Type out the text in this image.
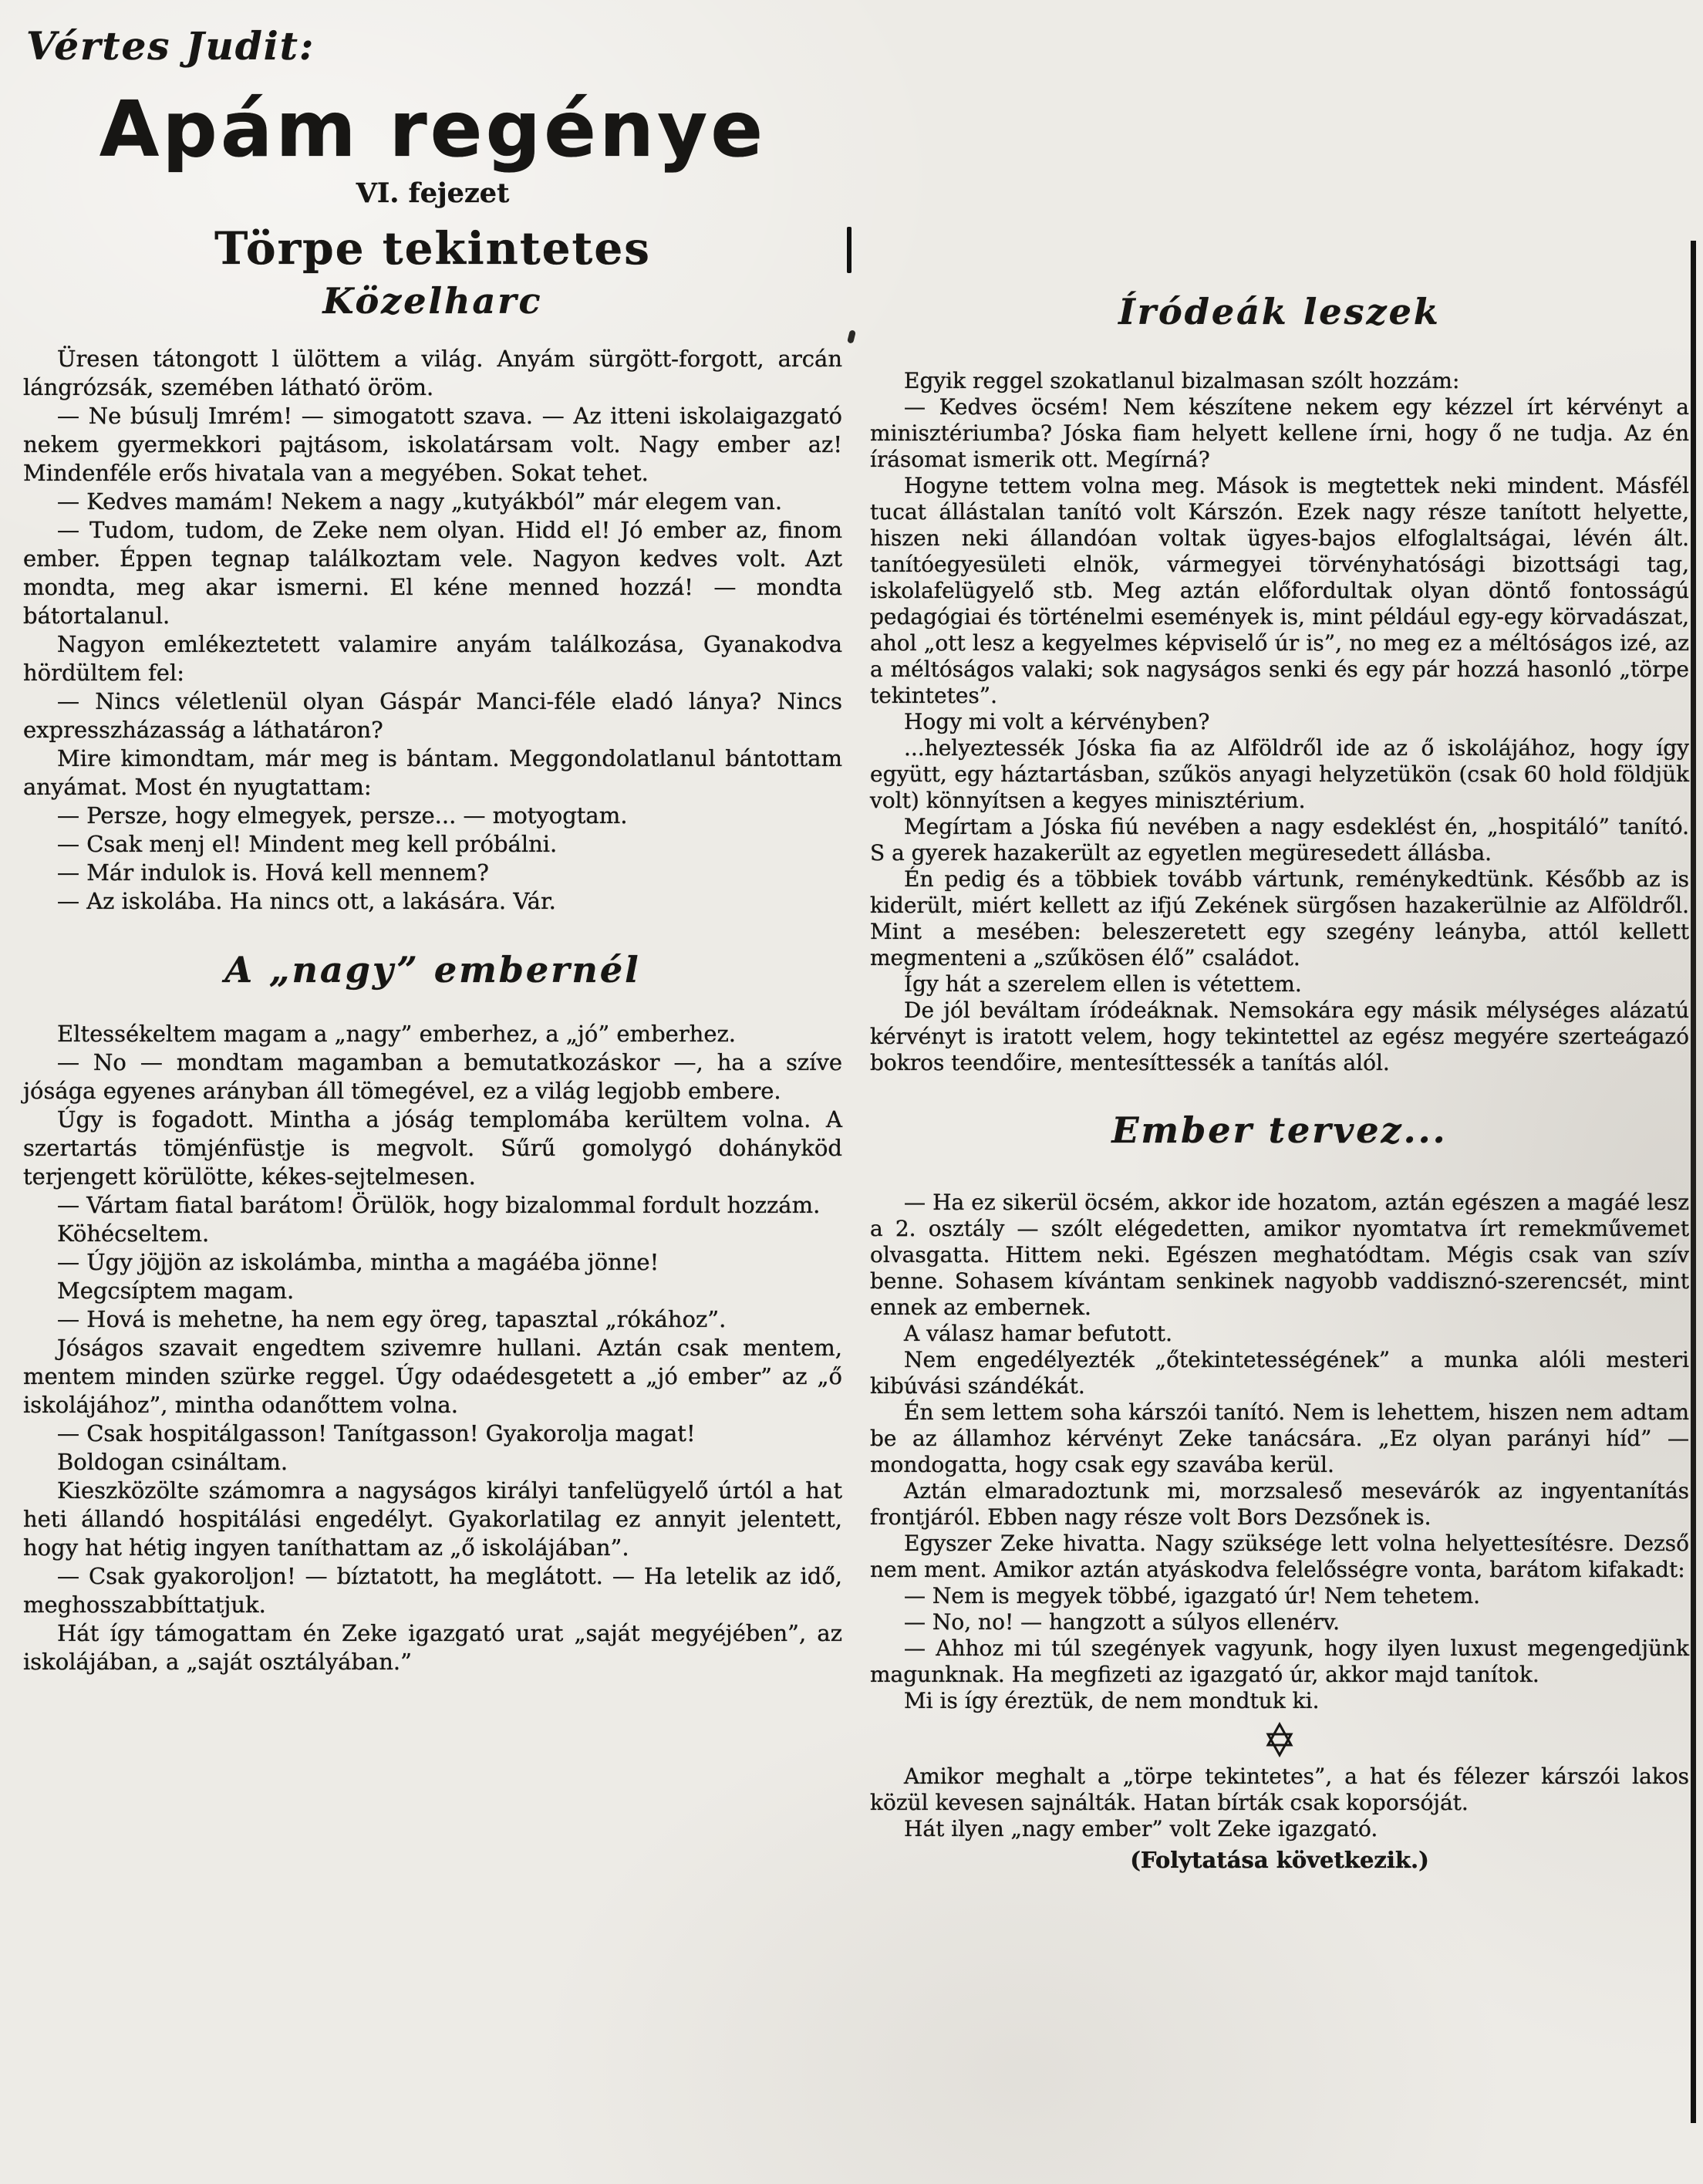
Vértes Judit:
Apám regénye
VI. fejezet
Törpe tekintetes
Közelharc

Üresen tátongott l ülöttem a világ. Anyám sürgött-forgott, arcán lángrózsák, szemében látható öröm.

— Ne búsulj Imrém! — simogatott szava. — Az itteni iskolaigazgató nekem gyermekkori pajtásom, iskolatársam volt. Nagy ember az! Mindenféle erős hivatala van a megyében. Sokat tehet.

— Kedves mamám! Nekem a nagy „kutyákból” már elegem van.

— Tudom, tudom, de Zeke nem olyan. Hidd el! Jó ember az, finom ember. Éppen tegnap találkoztam vele. Nagyon kedves volt. Azt mondta, meg akar ismerni. El kéne menned hozzá! — mondta bátortalanul.

Nagyon emlékeztetett valamire anyám találkozása, Gyanakodva hördültem fel:

— Nincs véletlenül olyan Gáspár Manci-féle eladó lánya? Nincs expresszházasság a láthatáron?

Mire kimondtam, már meg is bántam. Meggondolatlanul bántottam anyámat. Most én nyugtattam:

— Persze, hogy elmegyek, persze... — motyogtam.

— Csak menj el! Mindent meg kell próbálni.

— Már indulok is. Hová kell mennem?

— Az iskolába. Ha nincs ott, a lakására. Vár.

A „nagy” embernél

Eltessékeltem magam a „nagy” emberhez, a „jó” emberhez.

— No — mondtam magamban a bemutatkozáskor —, ha a szíve jósága egyenes arányban áll tömegével, ez a világ legjobb embere.

Úgy is fogadott. Mintha a jóság templomába kerültem volna. A szertartás tömjénfüstje is megvolt. Sűrű gomolygó dohányköd terjengett körülötte, kékes-sejtelmesen.

— Vártam fiatal barátom! Örülök, hogy bizalommal fordult hozzám.

Köhécseltem.

— Úgy jöjjön az iskolámba, mintha a magáéba jönne!

Megcsíptem magam.

— Hová is mehetne, ha nem egy öreg, tapasztal „rókához”.

Jóságos szavait engedtem szivemre hullani. Aztán csak mentem, mentem minden szürke reggel. Úgy odaédesgetett a „jó ember” az „ő iskolájához”, mintha odanőttem volna.

— Csak hospitálgasson! Tanítgasson! Gyakorolja magat!

Boldogan csináltam.

Kieszközölte számomra a nagyságos királyi tanfelügyelő úrtól a hat heti állandó hospitálási engedélyt. Gyakorlatilag ez annyit jelentett, hogy hat hétig ingyen taníthattam az „ő iskolájában”.

— Csak gyakoroljon! — bíztatott, ha meglátott. — Ha letelik az idő, meghosszabbíttatjuk.

Hát így támogattam én Zeke igazgató urat „saját megyéjében”, az iskolájában, a „saját osztályában.”

Íródeák leszek

Egyik reggel szokatlanul bizalmasan szólt hozzám:

— Kedves öcsém! Nem készítene nekem egy kézzel írt kérvényt a minisztériumba? Jóska fiam helyett kellene írni, hogy ő ne tudja. Az én írásomat ismerik ott. Megírná?

Hogyne tettem volna meg. Mások is megtettek neki mindent. Másfél tucat állástalan tanító volt Kárszón. Ezek nagy része tanított helyette, hiszen neki állandóan voltak ügyes-bajos elfoglaltságai, lévén ált. tanítóegyesületi elnök, vármegyei törvényhatósági bizottsági tag, iskolafelügyelő stb. Meg aztán előfordultak olyan döntő fontosságú pedagógiai és történelmi események is, mint például egy-egy körvadászat, ahol „ott lesz a kegyelmes képviselő úr is”, no meg ez a méltóságos izé, az a méltóságos valaki; sok nagyságos senki és egy pár hozzá hasonló „törpe tekintetes”.

Hogy mi volt a kérvényben?

...helyeztessék Jóska fia az Alföldről ide az ő iskolájához, hogy így együtt, egy háztartásban, szűkös anyagi helyzetükön (csak 60 hold földjük volt) könnyítsen a kegyes minisztérium.

Megírtam a Jóska fiú nevében a nagy esdeklést én, „hospitáló” tanító. S a gyerek hazakerült az egyetlen megüresedett állásba.

Én pedig és a többiek tovább vártunk, reménykedtünk. Később az is kiderült, miért kellett az ifjú Zekének sürgősen hazakerülnie az Alföldről. Mint a mesében: beleszeretett egy szegény leányba, attól kellett megmenteni a „szűkösen élő” családot.

Így hát a szerelem ellen is vétettem.

De jól beváltam íródeáknak. Nemsokára egy másik mélységes alázatú kérvényt is iratott velem, hogy tekintettel az egész megyére szerteágazó bokros teendőire, mentesíttessék a tanítás alól.

Ember tervez...

— Ha ez sikerül öcsém, akkor ide hozatom, aztán egészen a magáé lesz a 2. osztály — szólt elégedetten, amikor nyomtatva írt remekművemet olvasgatta. Hittem neki. Egészen meghatódtam. Mégis csak van szív benne. Sohasem kívántam senkinek nagyobb vaddisznó-szerencsét, mint ennek az embernek.

A válasz hamar befutott.

Nem engedélyezték „őtekintetességének” a munka alóli mesteri kibúvási szándékát.

Én sem lettem soha kárszói tanító. Nem is lehettem, hiszen nem adtam be az államhoz kérvényt Zeke tanácsára. „Ez olyan parányi híd” — mondogatta, hogy csak egy szavába kerül.

Aztán elmaradoztunk mi, morzsaleső mesevárók az ingyentanítás frontjáról. Ebben nagy része volt Bors Dezsőnek is.

Egyszer Zeke hivatta. Nagy szüksége lett volna helyettesítésre. Dezső nem ment. Amikor aztán atyáskodva felelősségre vonta, barátom kifakadt:

— Nem is megyek többé, igazgató úr! Nem tehetem.

— No, no! — hangzott a súlyos ellenérv.

— Ahhoz mi túl szegények vagyunk, hogy ilyen luxust megengedjünk magunknak. Ha megfizeti az igazgató úr, akkor majd tanítok.

Mi is így éreztük, de nem mondtuk ki.

Amikor meghalt a „törpe tekintetes”, a hat és félezer kárszói lakos közül kevesen sajnálták. Hatan bírták csak koporsóját.

Hát ilyen „nagy ember” volt Zeke igazgató.

(Folytatása következik.)
